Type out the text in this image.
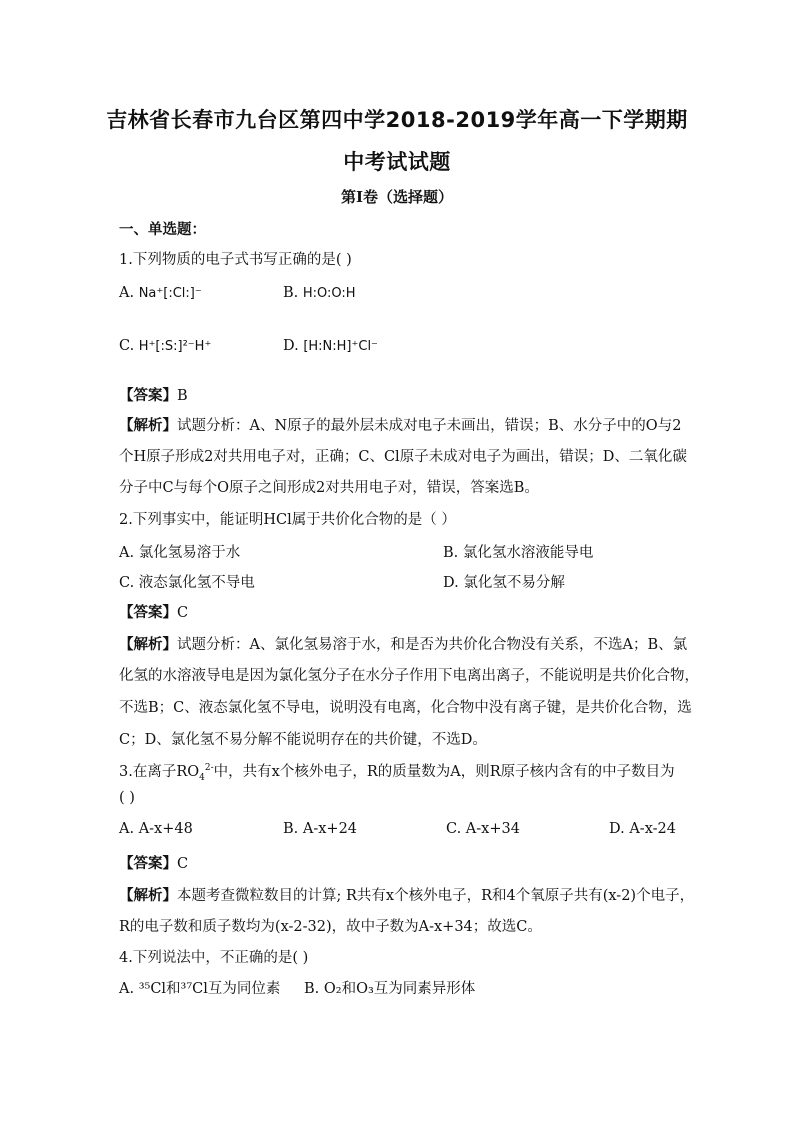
吉林省长春市九台区第四中学2018-2019学年高一下学期期
中考试试题
第Ⅰ卷（选择题）
一、单选题：
1.下列物质的电子式书写正确的是( )
A. Na⁺[:Cl:]⁻	B. H:O:O:H
C. H⁺[:S:]²⁻H⁺	D. [H:N:H]⁺Cl⁻
【答案】B
【解析】试题分析：A、N原子的最外层未成对电子未画出，错误；B、水分子中的O与2
个H原子形成2对共用电子对，正确；C、Cl原子未成对电子为画出，错误；D、二氧化碳
分子中C与每个O原子之间形成2对共用电子对，错误，答案选B。
2.下列事实中，能证明HCl属于共价化合物的是（ ）
A. 氯化氢易溶于水	B. 氯化氢水溶液能导电
C. 液态氯化氢不导电	D. 氯化氢不易分解
【答案】C
【解析】试题分析：A、氯化氢易溶于水，和是否为共价化合物没有关系，不选A；B、氯
化氢的水溶液导电是因为氯化氢分子在水分子作用下电离出离子，不能说明是共价化合物，
不选B；C、液态氯化氢不导电，说明没有电离，化合物中没有离子键，是共价化合物，选
C；D、氯化氢不易分解不能说明存在的共价键，不选D。
3.在离子$RO_4^{2-}$中，共有x个核外电子，R的质量数为A，则R原子核内含有的中子数目为
( )
A. A-x+48	B. A-x+24	C. A-x+34	D. A-x-24
【答案】C
【解析】本题考查微粒数目的计算; R共有x个核外电子，R和4个氧原子共有(x-2)个电子，
R的电子数和质子数均为(x-2-32)，故中子数为A-x+34；故选C。
4.下列说法中，不正确的是( )
A. ³⁵Cl和³⁷Cl互为同位素 B. O₂和O₃互为同素异形体
